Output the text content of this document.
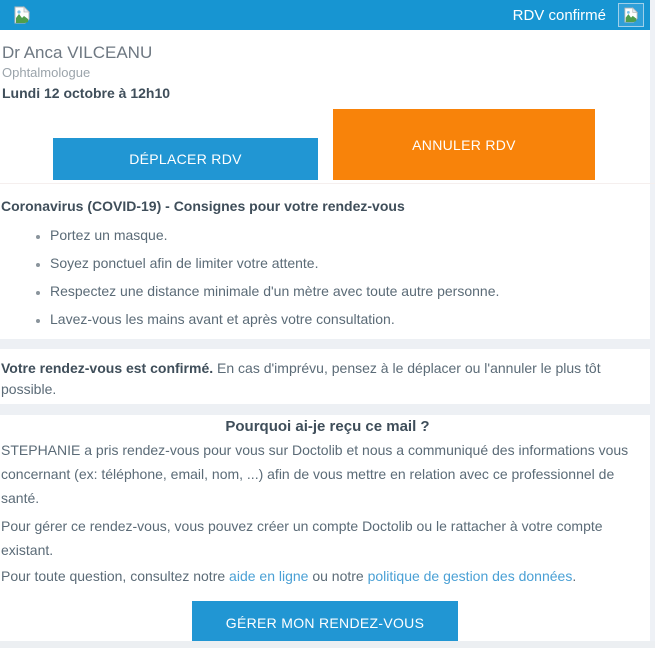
RDV confirmé
Dr Anca VILCEANU
Ophtalmologue
Lundi 12 octobre à 12h10
DÉPLACER RDV
ANNULER RDV
Coronavirus (COVID-19) - Consignes pour votre rendez-vous
• Portez un masque.
• Soyez ponctuel afin de limiter votre attente.
• Respectez une distance minimale d'un mètre avec toute autre personne.
• Lavez-vous les mains avant et après votre consultation.

Votre rendez-vous est confirmé. En cas d'imprévu, pensez à le déplacer ou l'annuler le plus tôt possible.

Pourquoi ai-je reçu ce mail ?

STEPHANIE a pris rendez-vous pour vous sur Doctolib et nous a communiqué des informations vous concernant (ex: téléphone, email, nom, ...) afin de vous mettre en relation avec ce professionnel de santé.

Pour gérer ce rendez-vous, vous pouvez créer un compte Doctolib ou le rattacher à votre compte existant.

Pour toute question, consultez notre aide en ligne ou notre politique de gestion des données.

GÉRER MON RENDEZ-VOUS
